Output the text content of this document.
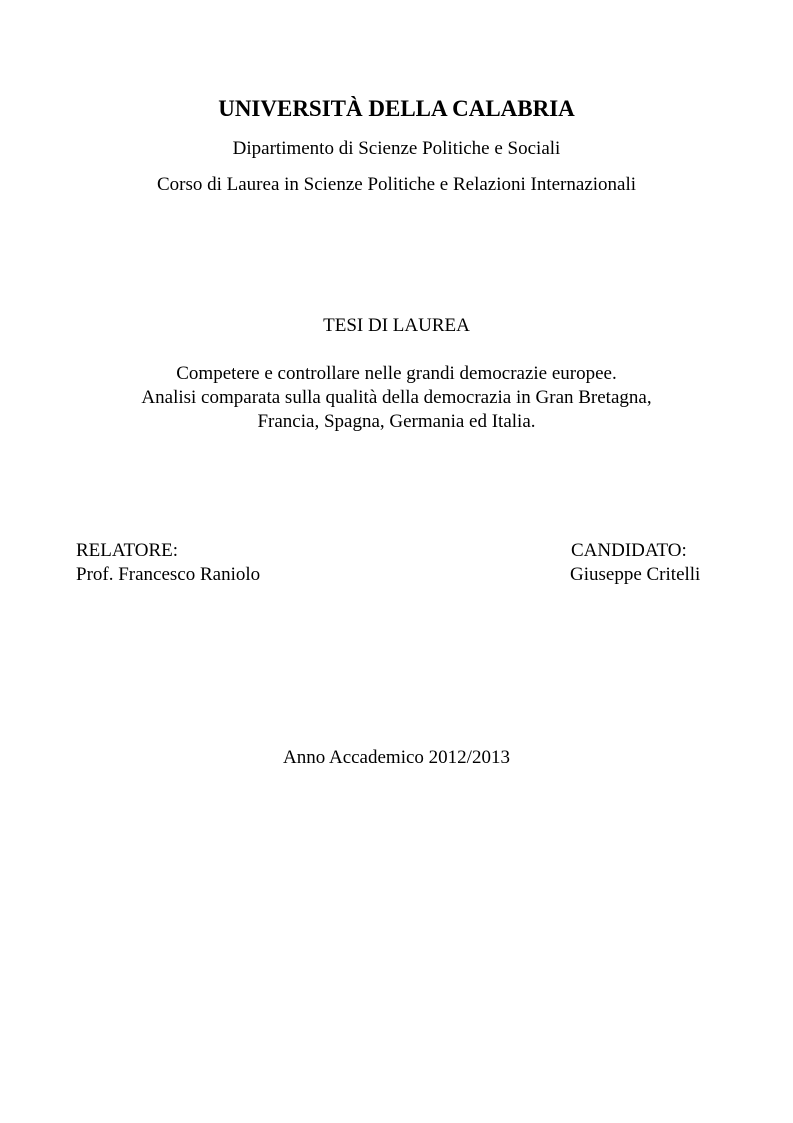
UNIVERSITÀ DELLA CALABRIA
Dipartimento di Scienze Politiche e Sociali
Corso di Laurea in Scienze Politiche e Relazioni Internazionali
TESI DI LAUREA
Competere e controllare nelle grandi democrazie europee.
Analisi comparata sulla qualità della democrazia in Gran Bretagna,
Francia, Spagna, Germania ed Italia.
RELATORE:
Prof. Francesco Raniolo
CANDIDATO:
Giuseppe Critelli
Anno Accademico 2012/2013
